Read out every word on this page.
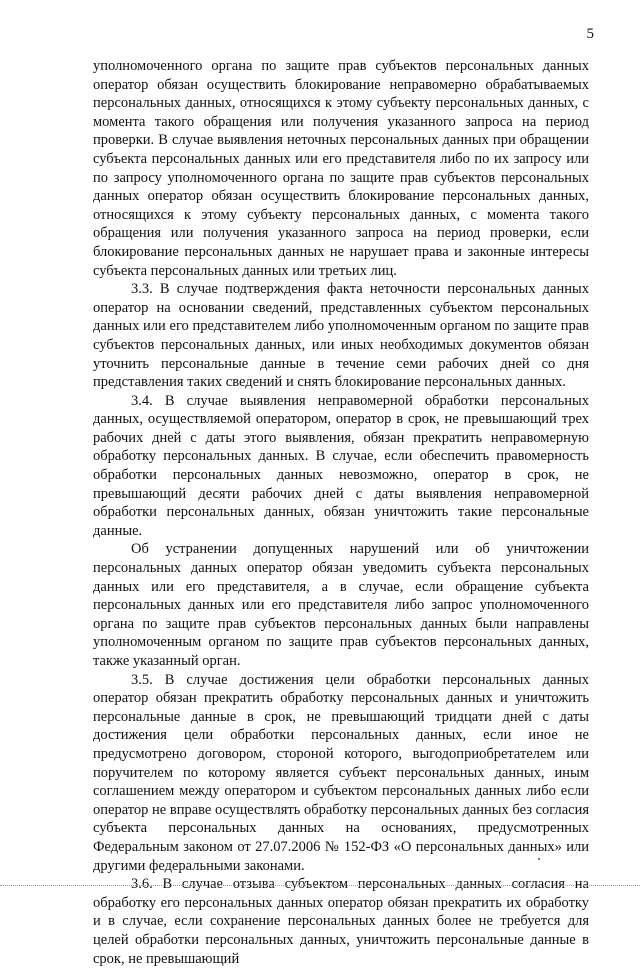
5

уполномоченного органа по защите прав субъектов персональных данных оператор обязан осуществить блокирование неправомерно обрабатываемых персональных данных, относящихся к этому субъекту персональных данных, с момента такого обращения или получения указанного запроса на период проверки. В случае выявления неточных персональных данных при обращении субъекта персональных данных или его представителя либо по их запросу или по запросу уполномоченного органа по защите прав субъектов персональных данных оператор обязан осуществить блокирование персональных данных, относящихся к этому субъекту персональных данных, с момента такого обращения или получения указанного запроса на период проверки, если блокирование персональных данных не нарушает права и законные интересы субъекта персональных данных или третьих лиц.

3.3. В случае подтверждения факта неточности персональных данных оператор на основании сведений, представленных субъектом персональных данных или его представителем либо уполномоченным органом по защите прав субъектов персональных данных, или иных необходимых документов обязан уточнить персональные данные в течение семи рабочих дней со дня представления таких сведений и снять блокирование персональных данных.

3.4. В случае выявления неправомерной обработки персональных данных, осуществляемой оператором, оператор в срок, не превышающий трех рабочих дней с даты этого выявления, обязан прекратить неправомерную обработку персональных данных. В случае, если обеспечить правомерность обработки персональных данных невозможно, оператор в срок, не превышающий десяти рабочих дней с даты выявления неправомерной обработки персональных данных, обязан уничтожить такие персональные данные.

Об устранении допущенных нарушений или об уничтожении персональных данных оператор обязан уведомить субъекта персональных данных или его представителя, а в случае, если обращение субъекта персональных данных или его представителя либо запрос уполномоченного органа по защите прав субъектов персональных данных были направлены уполномоченным органом по защите прав субъектов персональных данных, также указанный орган.

3.5. В случае достижения цели обработки персональных данных оператор обязан прекратить обработку персональных данных и уничтожить персональные данные в срок, не превышающий тридцати дней с даты достижения цели обработки персональных данных, если иное не предусмотрено договором, стороной которого, выгодоприобретателем или поручителем по которому является субъект персональных данных, иным соглашением между оператором и субъектом персональных данных либо если оператор не вправе осуществлять обработку персональных данных без согласия субъекта персональных данных на основаниях, предусмотренных Федеральным законом от 27.07.2006 № 152-ФЗ «О персональных данных» или другими федеральными законами.

3.6. В случае отзыва субъектом персональных данных согласия на обработку его персональных данных оператор обязан прекратить их обработку и в случае, если сохранение персональных данных более не требуется для целей обработки персональных данных, уничтожить персональные данные в срок, не превышающий
